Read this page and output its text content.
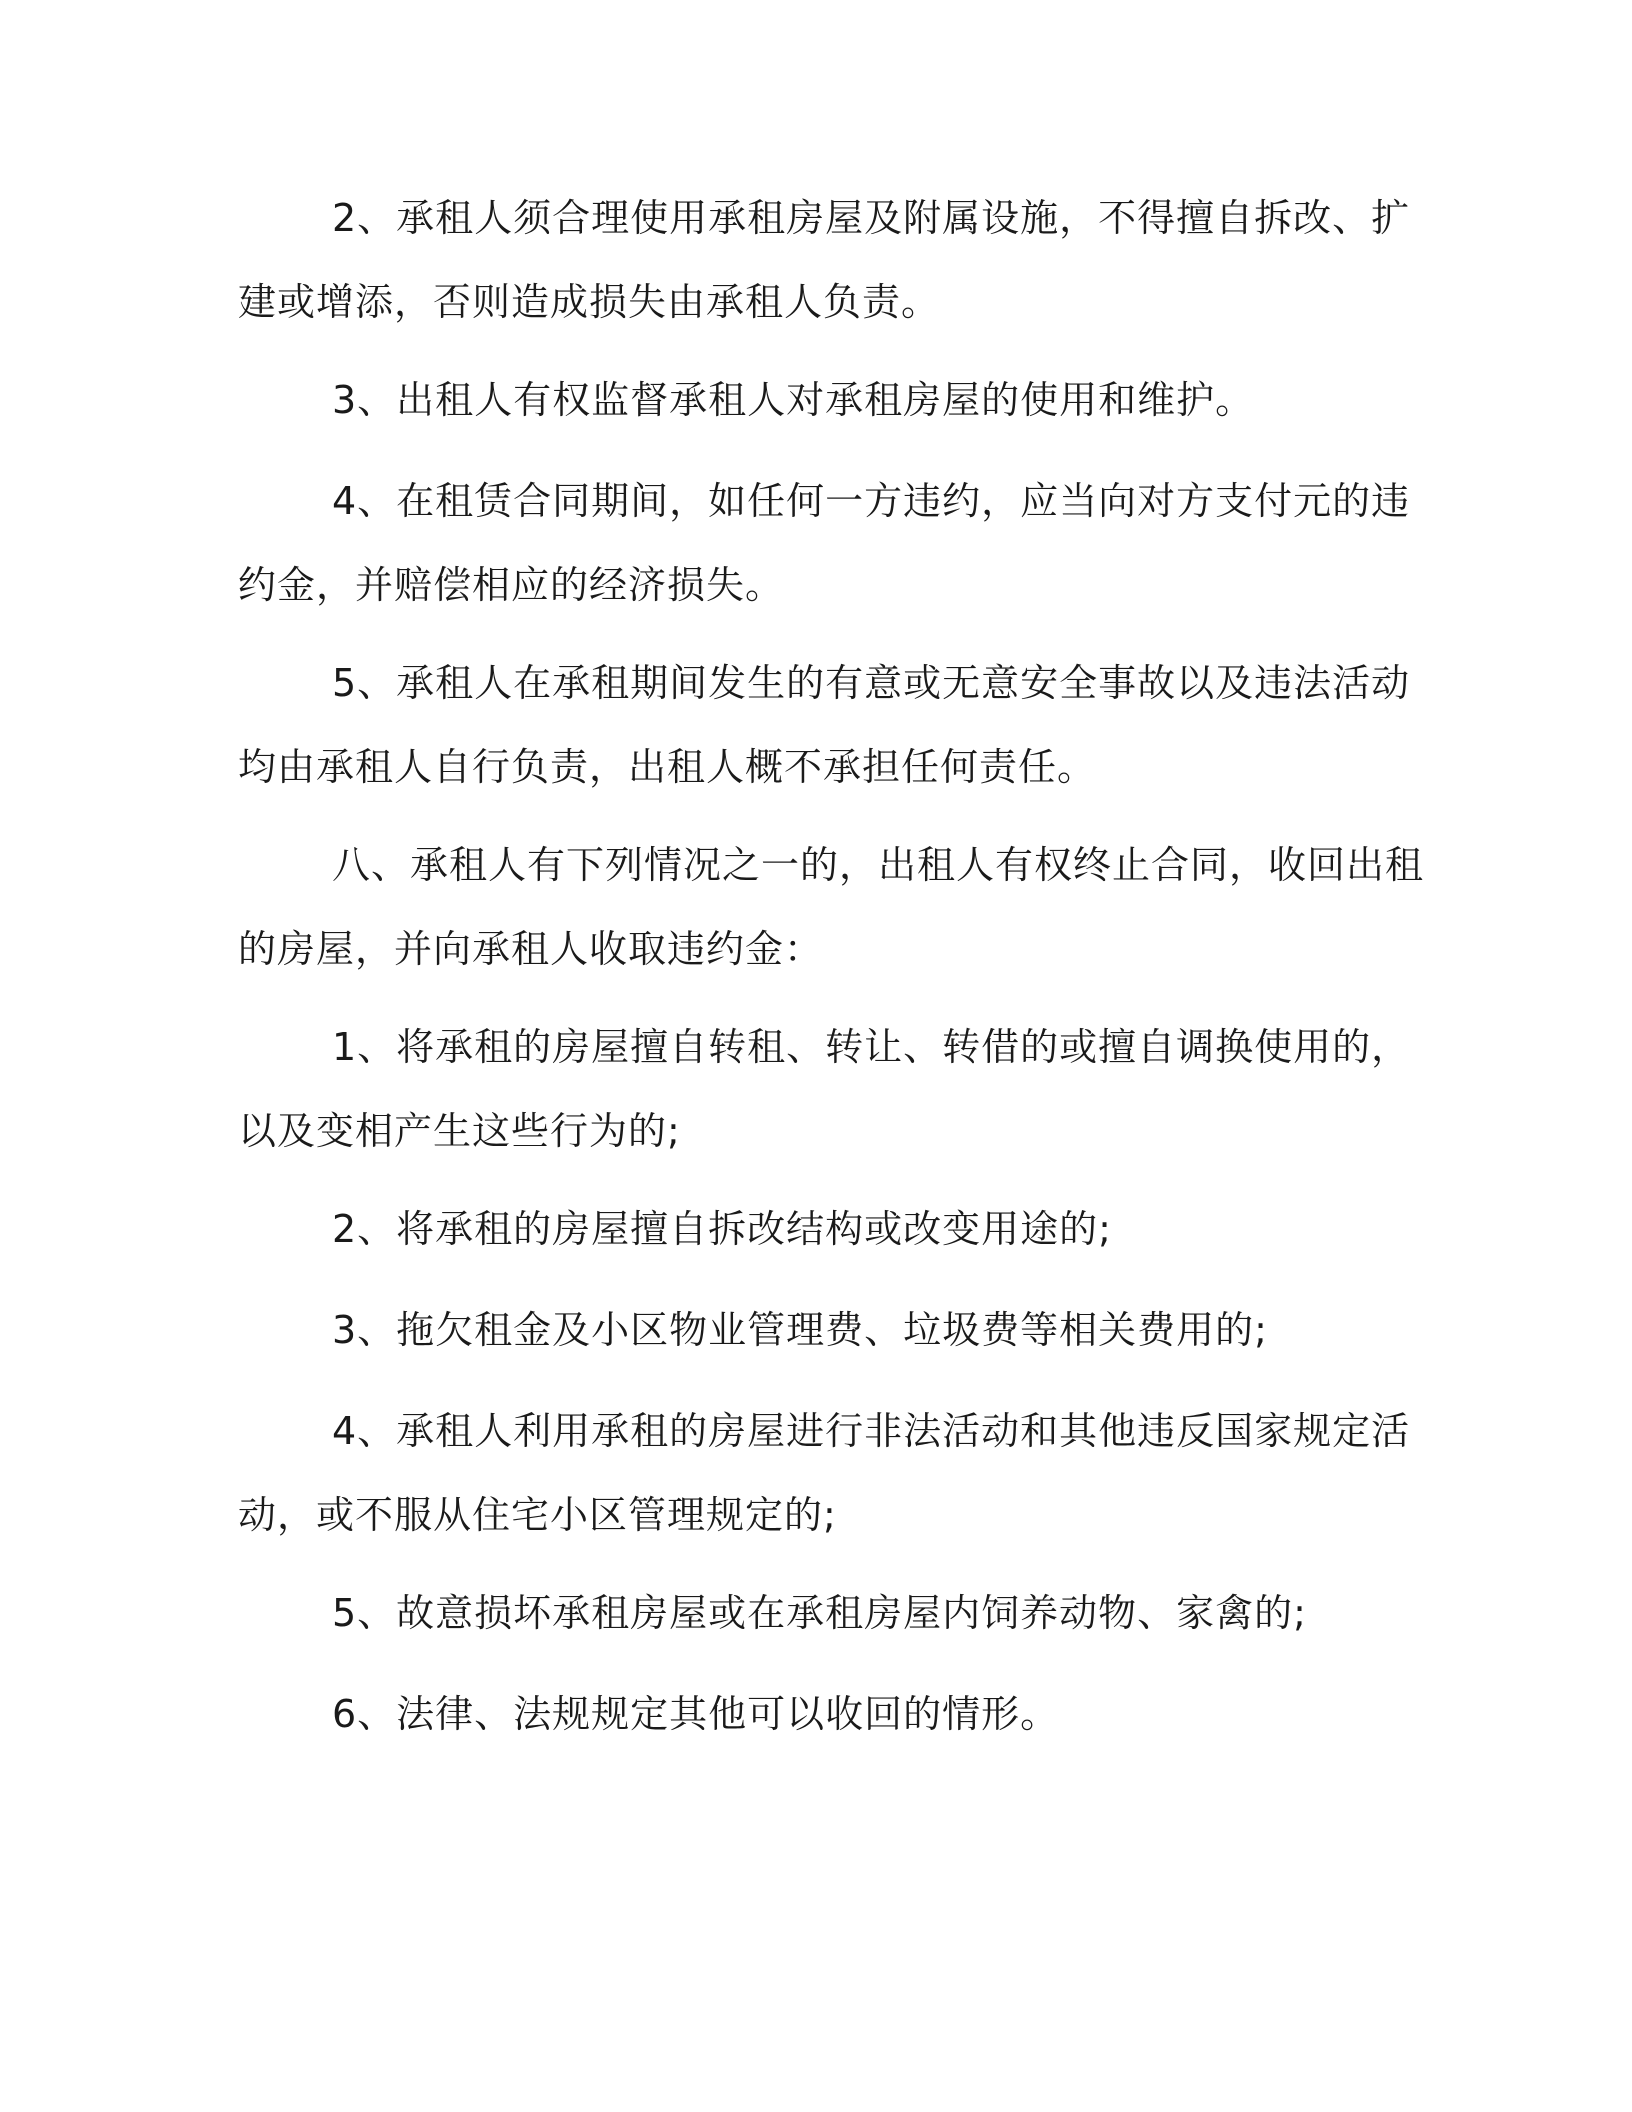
2、承租人须合理使用承租房屋及附属设施，不得擅自拆改、扩
建或增添，否则造成损失由承租人负责。
3、出租人有权监督承租人对承租房屋的使用和维护。
4、在租赁合同期间，如任何一方违约，应当向对方支付元的违
约金，并赔偿相应的经济损失。
5、承租人在承租期间发生的有意或无意安全事故以及违法活动
均由承租人自行负责，出租人概不承担任何责任。
八、承租人有下列情况之一的，出租人有权终止合同，收回出租
的房屋，并向承租人收取违约金：
1、将承租的房屋擅自转租、转让、转借的或擅自调换使用的，
以及变相产生这些行为的;
2、将承租的房屋擅自拆改结构或改变用途的;
3、拖欠租金及小区物业管理费、垃圾费等相关费用的;
4、承租人利用承租的房屋进行非法活动和其他违反国家规定活
动，或不服从住宅小区管理规定的;
5、故意损坏承租房屋或在承租房屋内饲养动物、家禽的;
6、法律、法规规定其他可以收回的情形。
